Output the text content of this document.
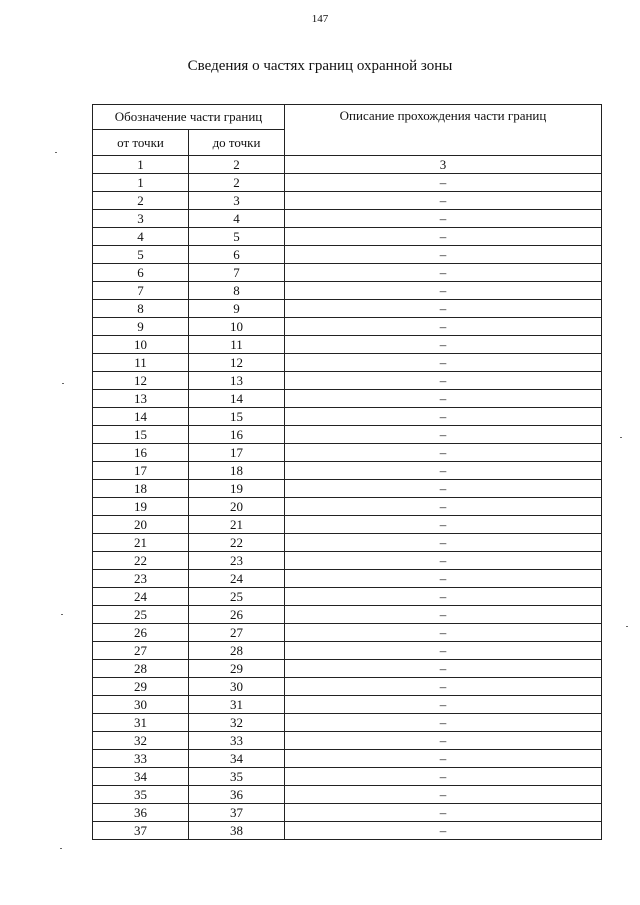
147
Сведения о частях границ охранной зоны
Обозначение части границ		Описание прохождения части границ
от точки	до точки	
1	2	3
1	2	–
2	3	–
3	4	–
4	5	–
5	6	–
6	7	–
7	8	–
8	9	–
9	10	–
10	11	–
11	12	–
12	13	–
13	14	–
14	15	–
15	16	–
16	17	–
17	18	–
18	19	–
19	20	–
20	21	–
21	22	–
22	23	–
23	24	–
24	25	–
25	26	–
26	27	–
27	28	–
28	29	–
29	30	–
30	31	–
31	32	–
32	33	–
33	34	–
34	35	–
35	36	–
36	37	–
37	38	–
